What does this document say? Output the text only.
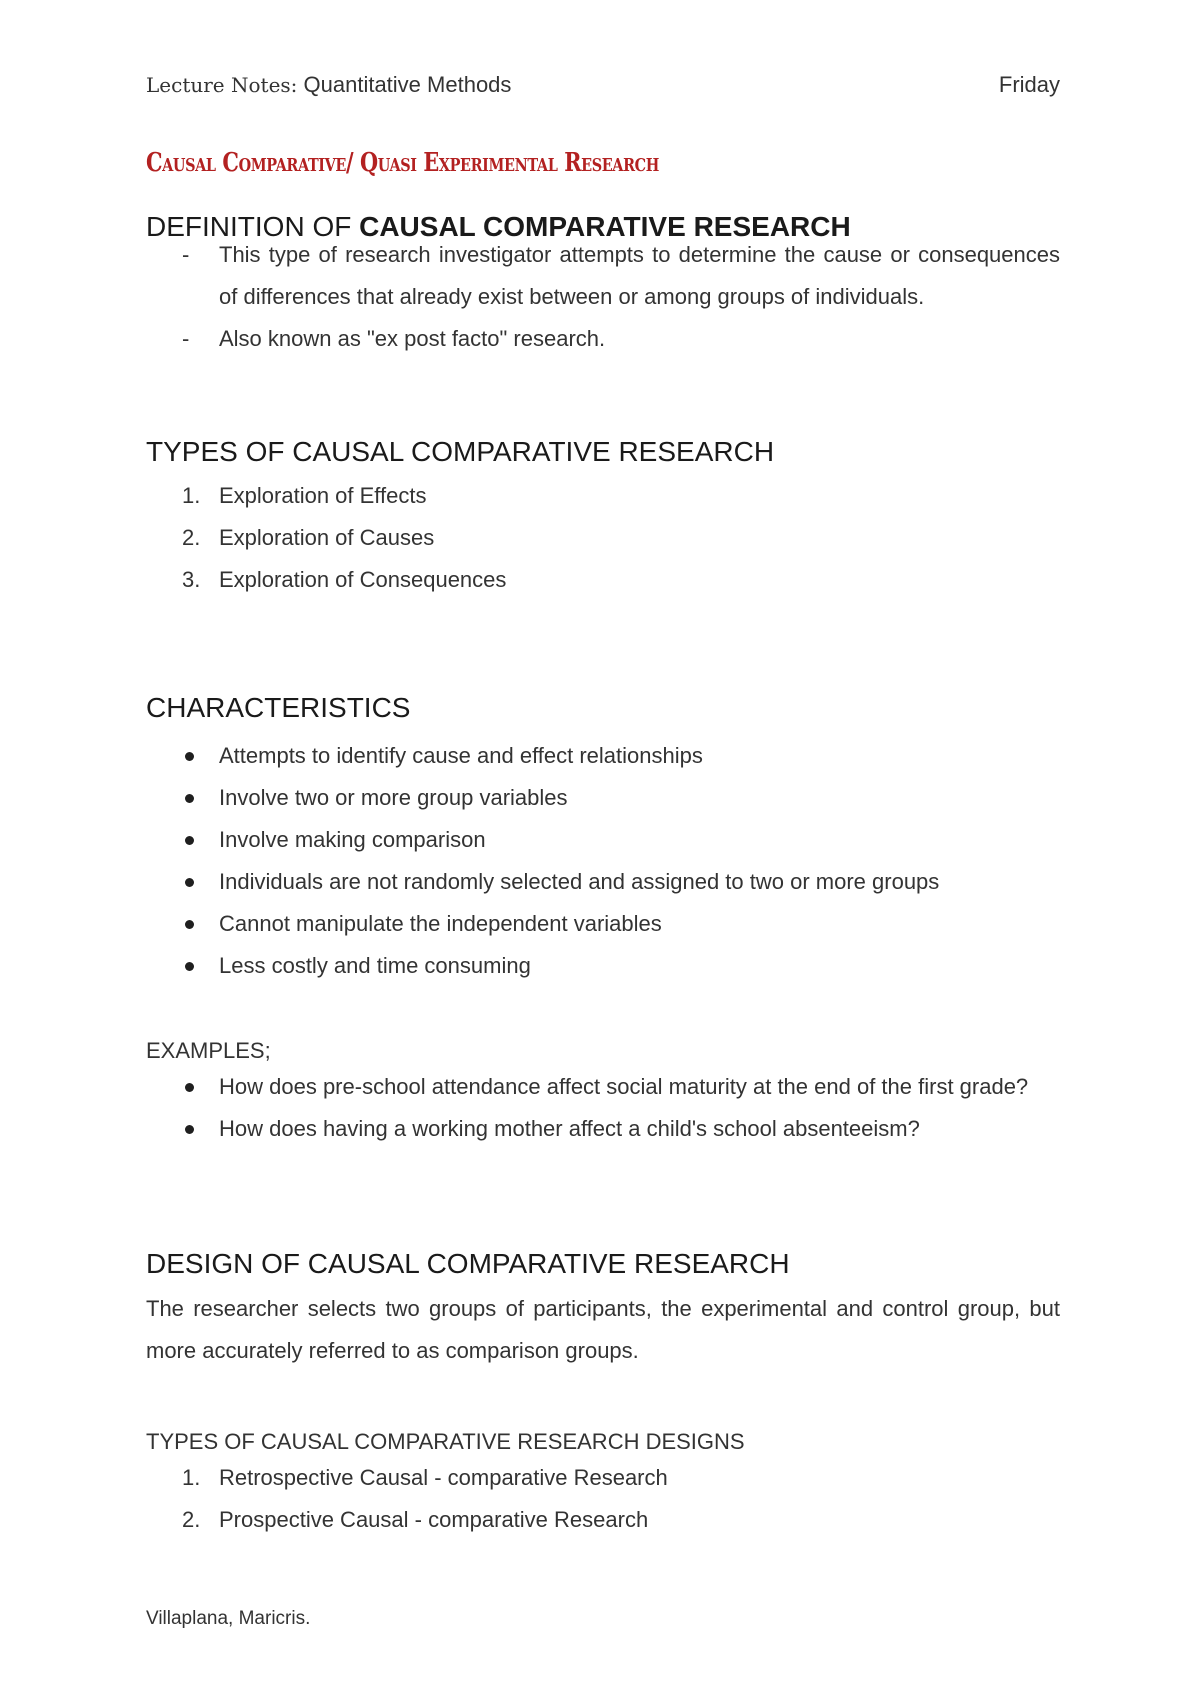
Lecture Notes: Quantitative Methods	Friday
Causal Comparative/ Quasi Experimental Research
DEFINITION OF CAUSAL COMPARATIVE RESEARCH
-	This type of research investigator attempts to determine the cause or consequences of differences that already exist between or among groups of individuals.
-	Also known as "ex post facto" research.
TYPES OF CAUSAL COMPARATIVE RESEARCH
1. Exploration of Effects
2. Exploration of Causes
3. Exploration of Consequences
CHARACTERISTICS
Attempts to identify cause and effect relationships
Involve two or more group variables
Involve making comparison
Individuals are not randomly selected and assigned to two or more groups
Cannot manipulate the independent variables
Less costly and time consuming
EXAMPLES;
How does pre-school attendance affect social maturity at the end of the first grade?
How does having a working mother affect a child's school absenteeism?
DESIGN OF CAUSAL COMPARATIVE RESEARCH

The researcher selects two groups of participants, the experimental and control group, but more accurately referred to as comparison groups.

TYPES OF CAUSAL COMPARATIVE RESEARCH DESIGNS
1. Retrospective Causal - comparative Research
2. Prospective Causal - comparative Research
Villaplana, Maricris.
